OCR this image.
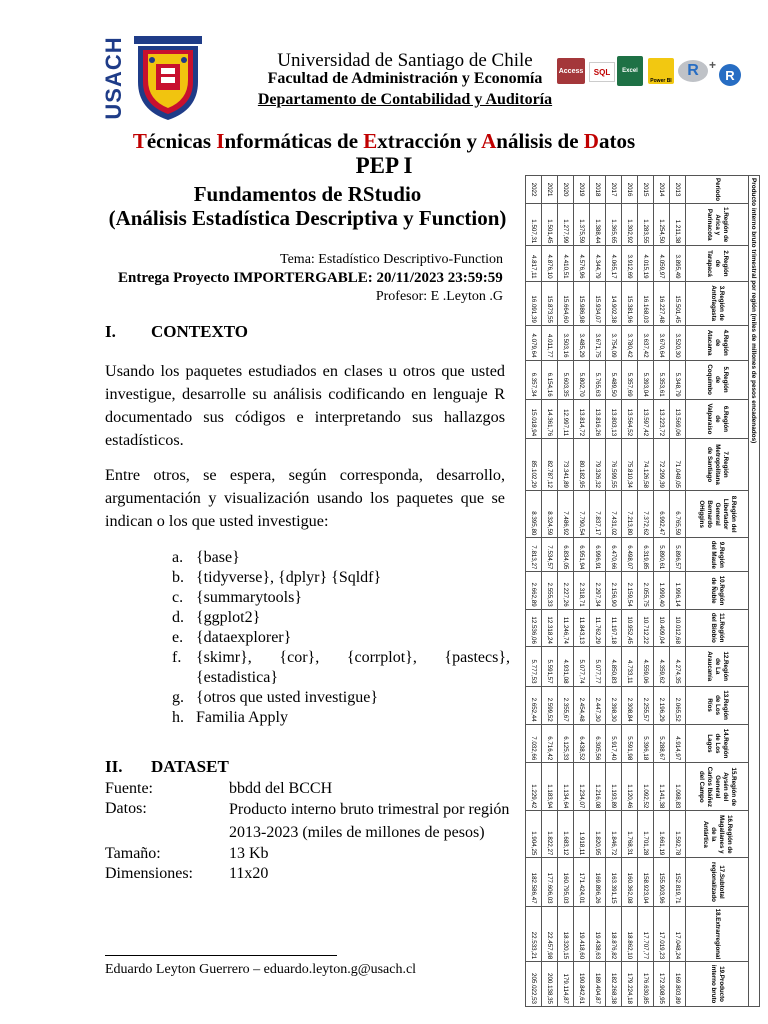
USACH	Universidad de Santiago de Chile
Facultad de Administración y Economía
Departamento de Contabilidad y Auditoría
Access	SQL	Excel
Power BI
R +
R
Técnicas Informáticas de Extracción y Análisis de Datos
PEP I
Fundamentos de RStudio
(Análisis Estadística Descriptiva y Function)
Tema: Estadístico Descriptivo-Function
Entrega Proyecto IMPORTERGABLE: 20/11/2023 23:59:59
Profesor: E .Leyton .G
I. CONTEXTO
Usando los paquetes estudiados en clases u otros que usted investigue, desarrolle su análisis codificando en lenguaje R documentado sus códigos e interpretando sus hallazgos estadísticos.
Entre otros, se espera, según corresponda, desarrollo, argumentación y visualización usando los paquetes que se indican o los que usted investigue:
a. {base}
b. {tidyverse}, {dplyr} {Sqldf}
c. {summarytools}
d. {ggplot2}
e. {dataexplorer}
f. {skimr}, {cor}, {corrplot}, {pastecs}, {estadistica}
g. {otros que usted investigue}
h. Familia Apply
II. DATASET
Fuente:	bbdd del BCCH
Datos:	Producto interno bruto trimestral por región 2013-2023 (miles de millones de pesos)
Tamaño:	13 Kb
Dimensiones:	11x20
Eduardo Leyton Guerrero – eduardo.leyton.g@usach.cl
Producto interno bruto trimestral por región (miles de millones de pesos encadenados)																			
Periodo	1.Región de Arica y Parinacota	2.Región de Tarapacá	3.Región de Antofagasta	4.Región de Atacama	5.Región de Coquimbo	6.Región de Valparaíso	7.Región Metropolitana de Santiago	8.Región del Libertador General Bernardo OHiggins	9.Región del Maule	10.Región de Ñuble	11.Región del Biobío	12.Región de La Araucanía	13.Región de Los Ríos	14.Región de Los Lagos	15.Región de Aysén del General Carlos Ibáñez del Campo	16.Región de Magallanes y de la Antártica	17.Subtotal regionalizado	18.Extrarregional	19.Producto interno bruto
2013	1.211,38	3.895,49	15.501,45	3.520,30	5.348,79	13.569,06	71.048,05	6.765,59	5.896,57	1.996,14	10.012,68	4.274,35	2.065,52	4.914,97	1.098,83	1.592,78	152.819,71	17.048,24	169.803,89
2014	1.254,50	4.059,97	16.227,48	3.670,64	5.353,61	13.223,72	72.299,39	6.992,47	5.890,61	1.999,40	10.409,04	4.359,62	2.196,29	5.288,67	1.141,38	1.661,19	155.903,96	17.019,23	172.908,95
2015	1.283,55	4.015,19	16.168,03	3.637,42	5.393,04	13.597,42	74.126,58	7.372,62	6.319,85	2.055,75	10.712,22	4.559,06	2.255,57	5.396,18	1.092,52	1.701,28	158.923,04	17.707,77	176.630,85
2016	1.302,92	3.912,69	15.381,96	3.780,42	5.357,69	13.564,52	75.810,34	7.213,80	6.498,07	2.159,54	10.952,45	4.733,11	2.308,84	5.591,98	1.120,46	1.768,31	160.362,08	18.862,10	179.224,18
2017	1.365,65	4.065,17	14.902,38	3.754,09	5.489,50	13.803,13	76.599,55	7.431,02	6.470,66	2.156,90	11.197,18	4.850,83	2.398,30	5.917,40	1.193,89	1.846,72	163.391,15	18.876,82	182.268,38
2018	1.388,44	4.344,79	15.934,07	3.671,75	5.765,63	13.816,26	79.326,32	7.837,17	6.996,91	2.297,34	11.762,29	5.077,77	2.447,30	6.305,56	1.216,08	1.820,95	169.896,26	19.438,63	189.404,87
2019	1.375,59	4.576,96	15.986,98	3.485,29	5.802,70	13.814,72	80.182,95	7.790,54	6.951,94	2.318,71	11.843,13	5.077,74	2.454,48	6.438,52	1.234,07	1.918,11	171.424,01	19.418,60	190.842,61
2020	1.277,99	4.410,51	15.664,60	3.503,16	5.603,35	12.997,11	73.341,89	7.486,92	6.834,05	2.227,26	11.246,74	4.931,08	2.355,67	6.125,33	1.134,64	1.683,12	160.795,03	18.320,15	179.114,87
2021	1.501,45	4.876,10	15.873,55	4.011,77	6.154,16	14.361,76	82.787,12	8.324,59	7.534,57	2.555,33	12.318,24	5.591,57	2.599,52	6.716,42	1.183,94	1.822,27	177.606,03	22.457,98	200.138,35
2022	1.507,31	4.817,11	16.091,39	4.079,64	6.357,34	15.018,94	85.102,29	8.395,80	7.813,27	2.662,89	12.536,06	5.777,53	2.652,44	7.032,66	1.229,42	1.904,25	182.586,47	22.533,21	205.022,53
